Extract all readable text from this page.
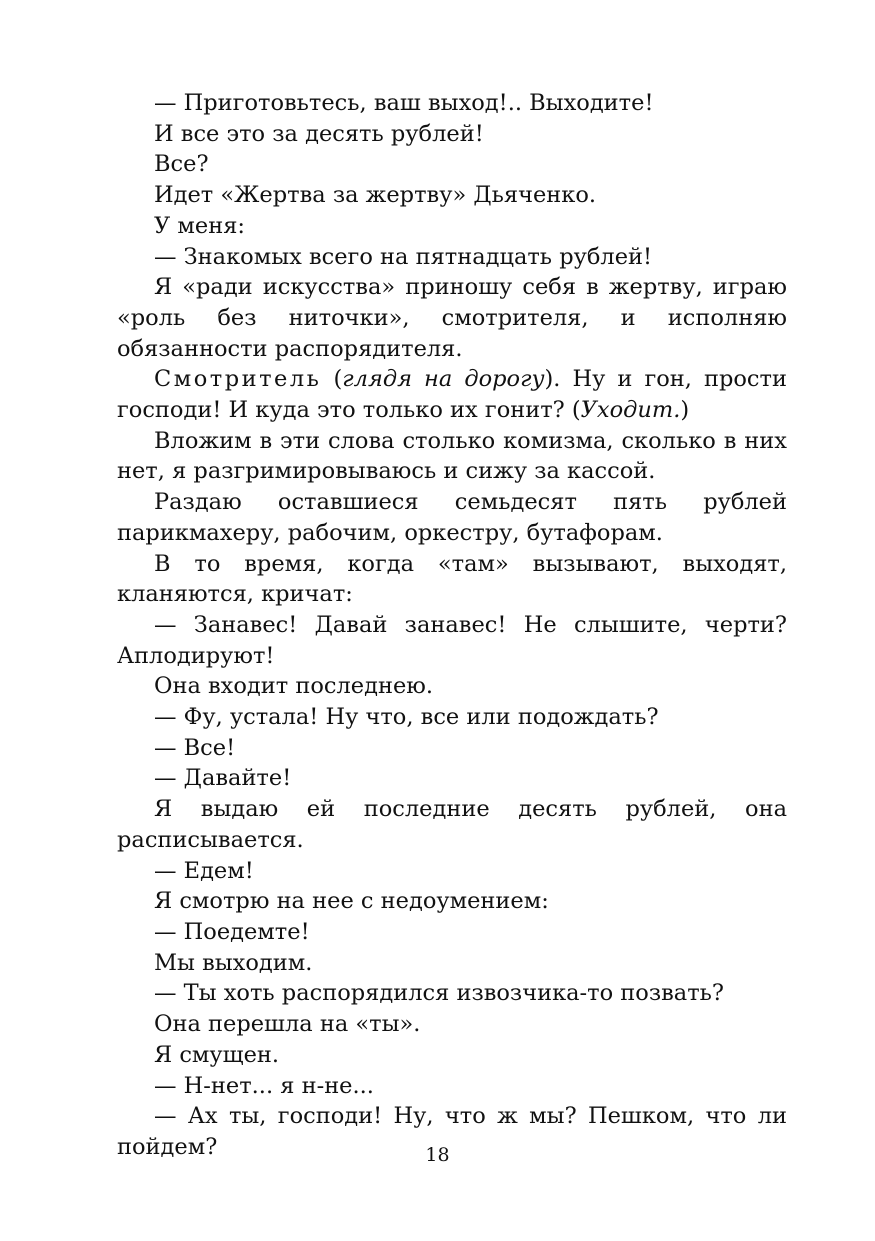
— Приготовьтесь, ваш выход!.. Выходите!

И все это за десять рублей!

Все?

Идет «Жертва за жертву» Дьяченко.

У меня:

— Знакомых всего на пятнадцать рублей!

Я «ради искусства» приношу себя в жертву, играю «роль без ниточки», смотрителя, и исполняю обязанности распорядителя.

Смотритель (глядя на дорогу). Ну и гон, прости господи! И куда это только их гонит? (Уходит.)

Вложим в эти слова столько комизма, сколько в них нет, я разгримировываюсь и сижу за кассой.

Раздаю оставшиеся семьдесят пять рублей парикмахеру, рабочим, оркестру, бутафорам.

В то время, когда «там» вызывают, выходят, кланяются, кричат:

— Занавес! Давай занавес! Не слышите, черти? Аплодируют!

Она входит последнею.

— Фу, устала! Ну что, все или подождать?

— Все!

— Давайте!

Я выдаю ей последние десять рублей, она расписывается.

— Едем!

Я смотрю на нее с недоумением:

— Поедемте!

Мы выходим.

— Ты хоть распорядился извозчика-то позвать?

Она перешла на «ты».

Я смущен.

— Н-нет... я н-не...

— Ах ты, господи! Ну, что ж мы? Пешком, что ли пойдем?	18
